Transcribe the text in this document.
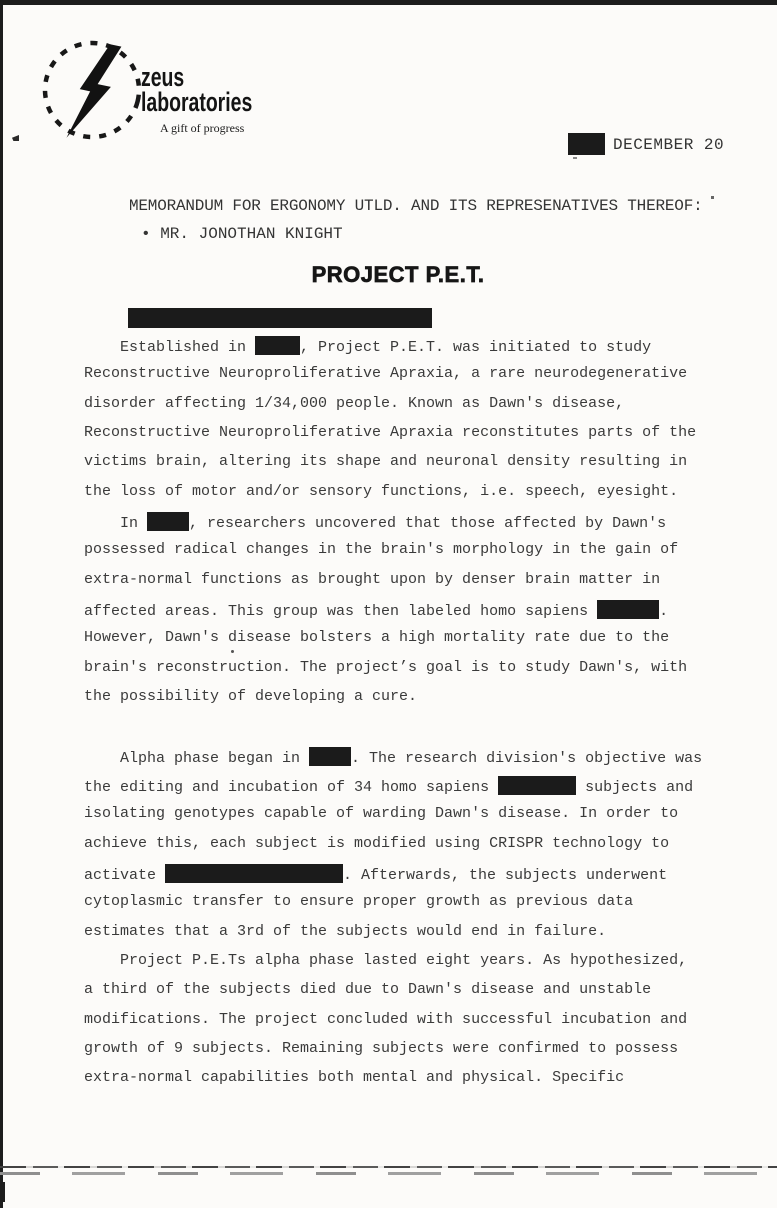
zeus
laboratories
A gift of progress
DECEMBER 20
MEMORANDUM FOR ERGONOMY UTLD. AND ITS REPRESENATIVES THEREOF:
• MR. JONOTHAN KNIGHT
PROJECT P.E.T.
Established in	, Project P.E.T. was initiated to study
Reconstructive Neuroproliferative Apraxia, a rare neurodegenerative
disorder affecting 1/34,000 people. Known as Dawn's disease,
Reconstructive Neuroproliferative Apraxia reconstitutes parts of the
victims brain, altering its shape and neuronal density resulting in
the loss of motor and/or sensory functions, i.e. speech, eyesight.
In	, researchers uncovered that those affected by Dawn's
possessed radical changes in the brain's morphology in the gain of
extra-normal functions as brought upon by denser brain matter in
affected areas. This group was then labeled homo sapiens	.
However, Dawn's disease bolsters a high mortality rate due to the
brain's reconstruction. The project’s goal is to study Dawn's, with
the possibility of developing a cure.
Alpha phase began in	. The research division's objective was
the editing and incubation of 34 homo sapiens	subjects and
isolating genotypes capable of warding Dawn's disease. In order to
achieve this, each subject is modified using CRISPR technology to
activate	. Afterwards, the subjects underwent
cytoplasmic transfer to ensure proper growth as previous data
estimates that a 3rd of the subjects would end in failure.
Project P.E.Ts alpha phase lasted eight years. As hypothesized,
a third of the subjects died due to Dawn's disease and unstable
modifications. The project concluded with successful incubation and
growth of 9 subjects. Remaining subjects were confirmed to possess
extra-normal capabilities both mental and physical. Specific
